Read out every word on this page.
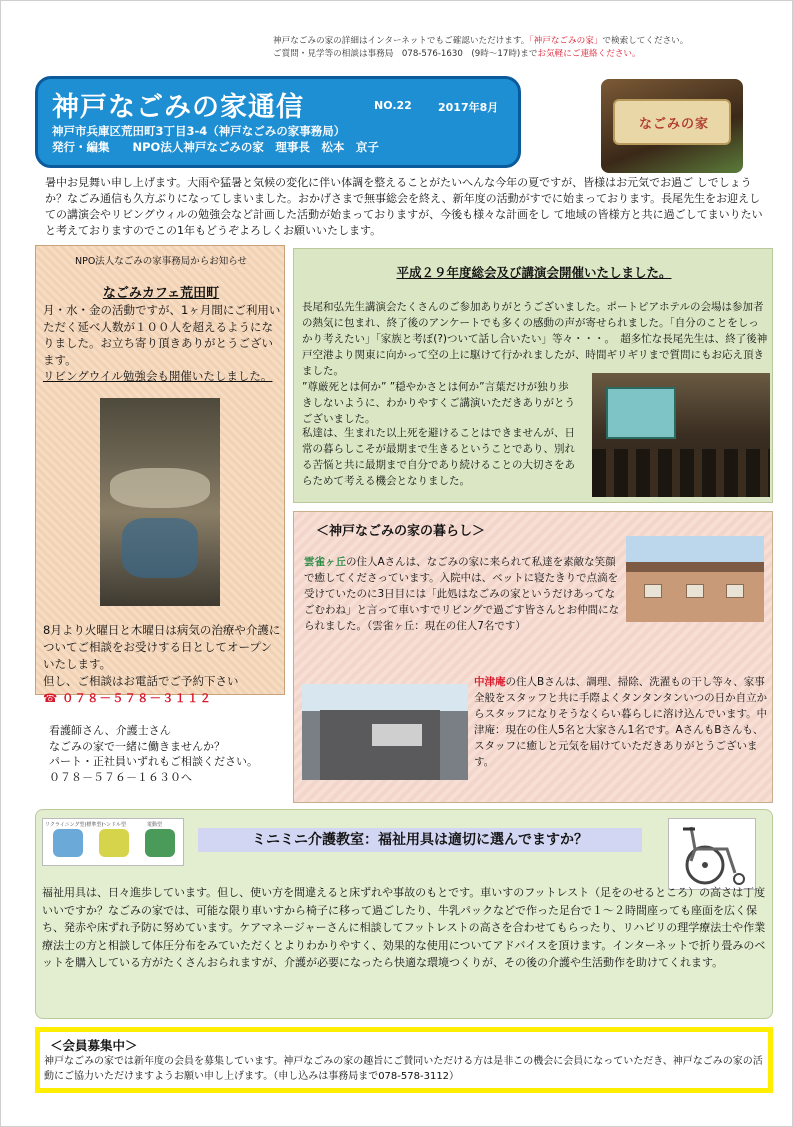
神戸なごみの家の詳細はインターネットでもご確認いただけます。「神戸なごみの家」で検索してください。
ご質問・見学等の相談は事務局　078-576-1630　(9時～17時)までお気軽にご連絡ください。
神戸なごみの家通信	NO.22 2017年8月
神戸市兵庫区荒田町3丁目3-4（神戸なごみの家事務局）
発行・編集　　NPO法人神戸なごみの家　理事長　松本　京子
なごみの家
暑中お見舞い申し上げます。大雨や猛暑と気候の変化に伴い体調を整えることがたいへんな今年の夏ですが、皆様はお元気でお過ご しでしょうか？なごみ通信も久方ぶりになってしまいました。おかげさまで無事総会を終え、新年度の活動がすでに始まっております。長尾先生をお迎えしての講演会やリビングウィルの勉強会など計画した活動が始まっておりますが、今後も様々な計画をし て地域の皆様方と共に過ごしてまいりたいと考えておりますのでこの1年もどうぞよろしくお願いいたします。
NPO法人なごみの家事務局からお知らせ
なごみカフェ荒田町
月・水・金の活動ですが、1ヶ月間にご利用いただく延べ人数が１００人を超えるようになりました。お立ち寄り頂きありがとうございます。
リビングウイル勉強会も開催いたしました。
8月より火曜日と木曜日は病気の治療や介護についてご相談をお受けする日としてオープンいたします。
但し、ご相談はお電話でご予約下さい
☎ ０７８－５７８－３１１２
看護師さん、介護士さん
なごみの家で一緒に働きませんか？
パート・正社員いずれもご相談ください。
０７８－５７６－１６３０へ
平成２９年度総会及び講演会開催いたしました。
長尾和弘先生講演会たくさんのご参加ありがとうございました。ポートピアホテルの会場は参加者の熱気に包まれ、終了後のアンケートでも多くの感動の声が寄せられました。｢自分のことをしっかり考えたい｣「家族と考ぼ(?)ついて話し合いたい」等々・・・。　超多忙な長尾先生は、終了後神戸空港より関東に向かって空の上に駆けて行かれましたが、時間ギリギリまで質問にもお応え頂きました。
”尊厳死とは何か” ”穏やかさとは何か”言葉だけが独り歩きしないように、わかりやすくご講演いただきありがとうございました。
私達は、生まれた以上死を避けることはできませんが、日常の暮らしこそが最期まで生きるということであり、別れる苦悩と共に最期まで自分であり続けることの大切さをあらためて考える機会となりました。
＜神戸なごみの家の暮らし＞
雲雀ヶ丘の住人Aさんは、なごみの家に来られて私達を素敵な笑顔で癒してくださっています。入院中は、ベットに寝たきりで点滴を受けていたのに3日目には「此処はなごみの家というだけあってなごむわね」と言って車いすでリビングで過ごす皆さんとお仲間になられました。（雲雀ヶ丘：現在の住人7名です）
中津庵の住人Bさんは、調理、掃除、洗濯もの干し等々、家事全般をスタッフと共に手際よくタンタンタンいつの日か自立からスタッフになりそうなくらい暮らしに溶け込んでいます。中津庵：現在の住人5名と大家さん1名です。AさんもBさんも、スタッフに癒しと元気を届けていただきありがとうございます。
リクライニング型(標準型)
ハンドル型	電動型
ミニミニ介護教室：福祉用具は適切に選んでますか？
福祉用具は、日々進歩しています。但し、使い方を間違えると床ずれや事故のもとです。車いすのフットレスト（足をのせるところ）の高さは丁度いいですか？なごみの家では、可能な限り車いすから椅子に移って過ごしたり、牛乳パックなどで作った足台で１～２時間座っても座面を広く保ち、発赤や床ずれ予防に努めています。ケアマネージャーさんに相談してフットレストの高さを合わせてもらったり、リハビリの理学療法士や作業療法士の方と相談して体圧分布をみていただくとよりわかりやすく、効果的な使用についてアドバイスを頂けます。インターネットで折り畳みのベットを購入している方がたくさんおられますが、介護が必要になったら快適な環境つくりが、その後の介護や生活動作を助けてくれます。
＜会員募集中＞
神戸なごみの家では新年度の会員を募集しています。神戸なごみの家の趣旨にご賛同いただける方は是非この機会に会員になっていただき、神戸なごみの家の活動にご協力いただけますようお願い申し上げます。（申し込みは事務局まで078-578-3112）
